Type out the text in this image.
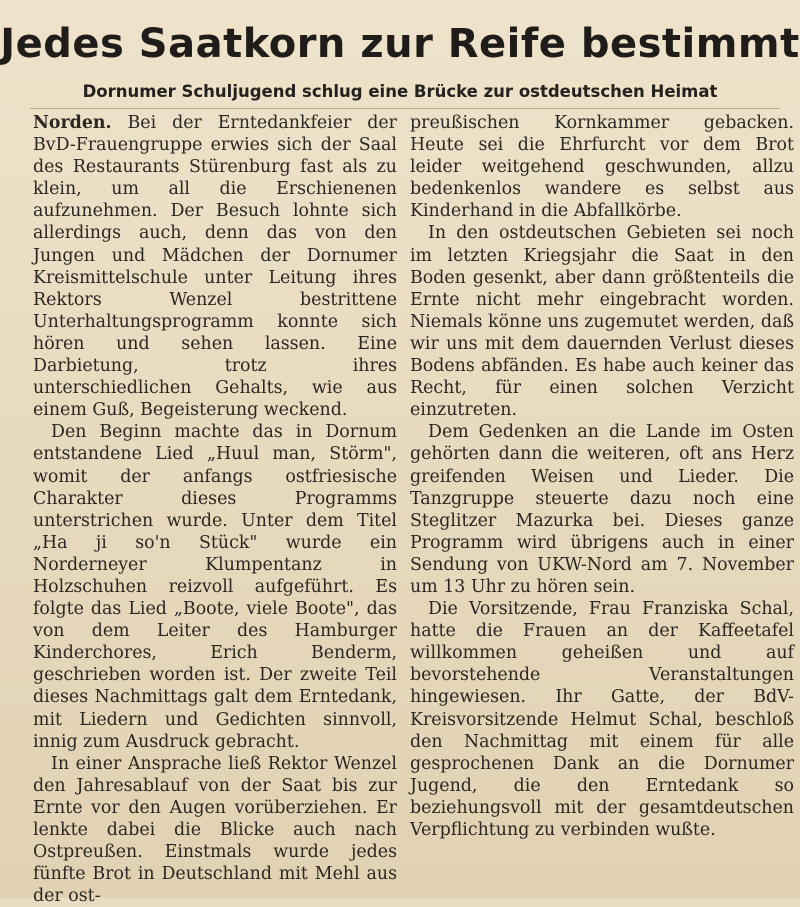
Jedes Saatkorn zur Reife bestimmt
Dornumer Schuljugend schlug eine Brücke zur ostdeutschen Heimat

Norden. Bei der Erntedankfeier der BvD-Frauengruppe erwies sich der Saal des Restaurants Stürenburg fast als zu klein, um all die Erschienenen aufzunehmen. Der Besuch lohnte sich allerdings auch, denn das von den Jungen und Mädchen der Dornumer Kreismittelschule unter Leitung ihres Rektors Wenzel bestrittene Unterhaltungsprogramm konnte sich hören und sehen lassen. Eine Darbietung, trotz ihres unterschiedlichen Gehalts, wie aus einem Guß, Begeisterung weckend.

Den Beginn machte das in Dornum entstandene Lied „Huul man, Störm", womit der anfangs ostfriesische Charakter dieses Programms unterstrichen wurde. Unter dem Titel „Ha ji so'n Stück" wurde ein Norderneyer Klumpentanz in Holzschuhen reizvoll aufgeführt. Es folgte das Lied „Boote, viele Boote", das von dem Leiter des Hamburger Kinderchores, Erich Benderm, geschrieben worden ist. Der zweite Teil dieses Nachmittags galt dem Erntedank, mit Liedern und Gedichten sinnvoll, innig zum Ausdruck gebracht.

In einer Ansprache ließ Rektor Wenzel den Jahresablauf von der Saat bis zur Ernte vor den Augen vorüberziehen. Er lenkte dabei die Blicke auch nach Ostpreußen. Einstmals wurde jedes fünfte Brot in Deutschland mit Mehl aus der ost-

preußischen Kornkammer gebacken. Heute sei die Ehrfurcht vor dem Brot leider weitgehend geschwunden, allzu bedenkenlos wandere es selbst aus Kinderhand in die Abfallkörbe.

In den ostdeutschen Gebieten sei noch im letzten Kriegsjahr die Saat in den Boden gesenkt, aber dann größtenteils die Ernte nicht mehr eingebracht worden. Niemals könne uns zugemutet werden, daß wir uns mit dem dauernden Verlust dieses Bodens abfänden. Es habe auch keiner das Recht, für einen solchen Verzicht einzutreten.

Dem Gedenken an die Lande im Osten gehörten dann die weiteren, oft ans Herz greifenden Weisen und Lieder. Die Tanzgruppe steuerte dazu noch eine Steglitzer Mazurka bei. Dieses ganze Programm wird übrigens auch in einer Sendung von UKW-Nord am 7. November um 13 Uhr zu hören sein.

Die Vorsitzende, Frau Franziska Schal, hatte die Frauen an der Kaffeetafel willkommen geheißen und auf bevorstehende Veranstaltungen hingewiesen. Ihr Gatte, der BdV-Kreisvorsitzende Helmut Schal, beschloß den Nachmittag mit einem für alle gesprochenen Dank an die Dornumer Jugend, die den Erntedank so beziehungsvoll mit der gesamtdeutschen Verpflichtung zu verbinden wußte.
